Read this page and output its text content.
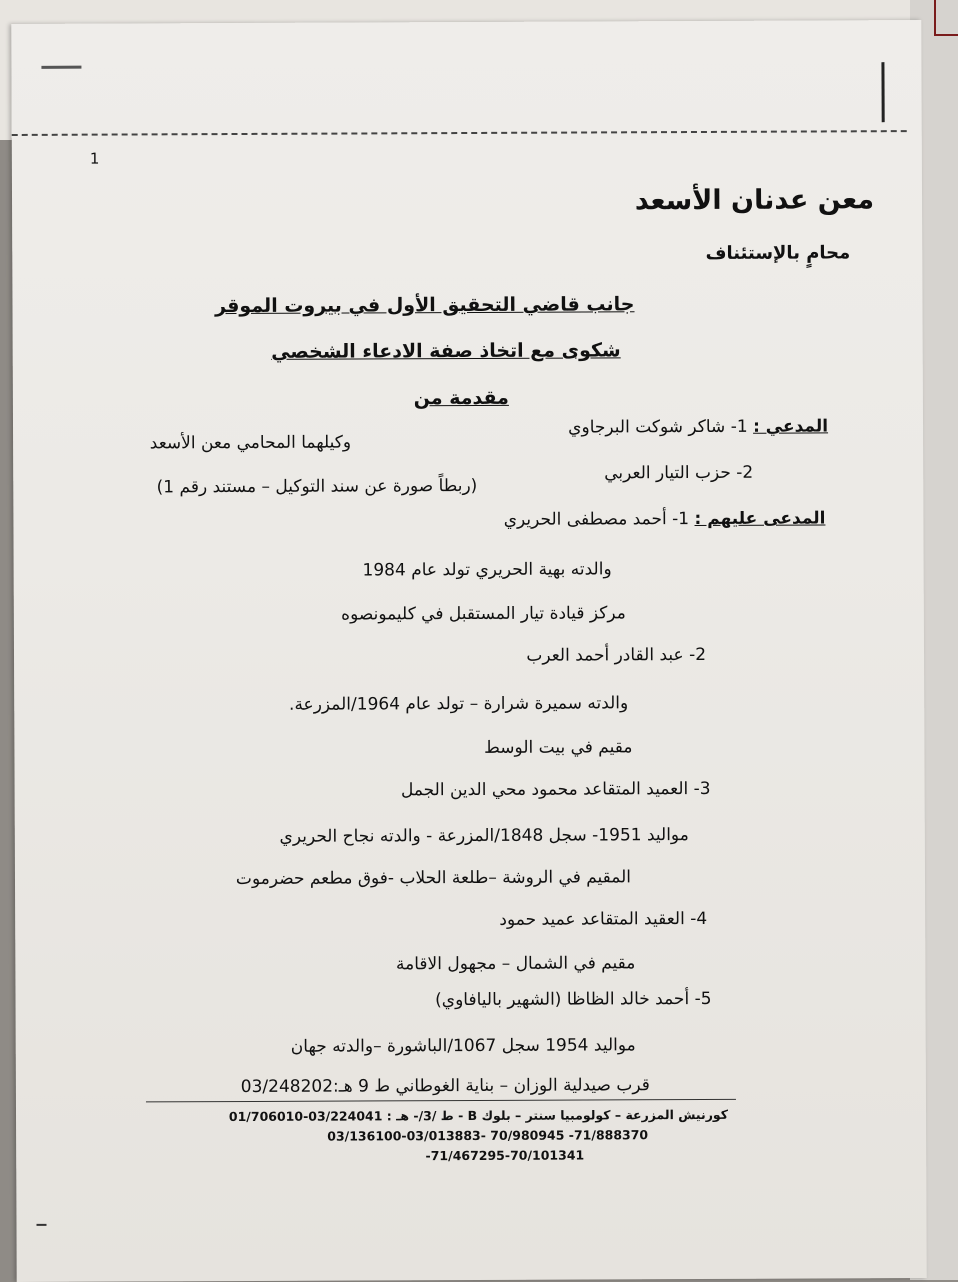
1
معن عدنان الأسعد
محامٍ بالإستئناف
جانب قاضي التحقيق الأول في بيروت الموقر
شكوى مع اتخاذ صفة الادعاء الشخصي
مقدمة من
المدعي : 1- شاكر شوكت البرجاوي
وكيلهما المحامي معن الأسعد
2- حزب التيار العربي
(ربطاً صورة عن سند التوكيل – مستند رقم 1)
المدعى عليهم : 1- أحمد مصطفى الحريري
والدته بهية الحريري تولد عام 1984
مركز قيادة تيار المستقبل في كليمونصوه
2- عبد القادر أحمد العرب
والدته سميرة شرارة – تولد عام 1964/المزرعة.
مقيم في بيت الوسط
3- العميد المتقاعد محمود محي الدين الجمل
مواليد 1951- سجل 1848/المزرعة - والدته نجاح الحريري
المقيم في الروشة –طلعة الحلاب -فوق مطعم حضرموت
4- العقيد المتقاعد عميد حمود
مقيم في الشمال – مجهول الاقامة
5- أحمد خالد الظاظا (الشهير باليافاوي)
مواليد 1954 سجل 1067/الباشورة –والدته جهان
قرب صيدلية الوزان – بناية الغوطاني ط 9 هـ:03/248202
كورنيش المزرعة – كولومبيا سنتر – بلوك B - ط /3/- هـ : 03/224041-01/706010
03/136100-03/013883- 70/980945 -71/888370
-71/467295-70/101341
